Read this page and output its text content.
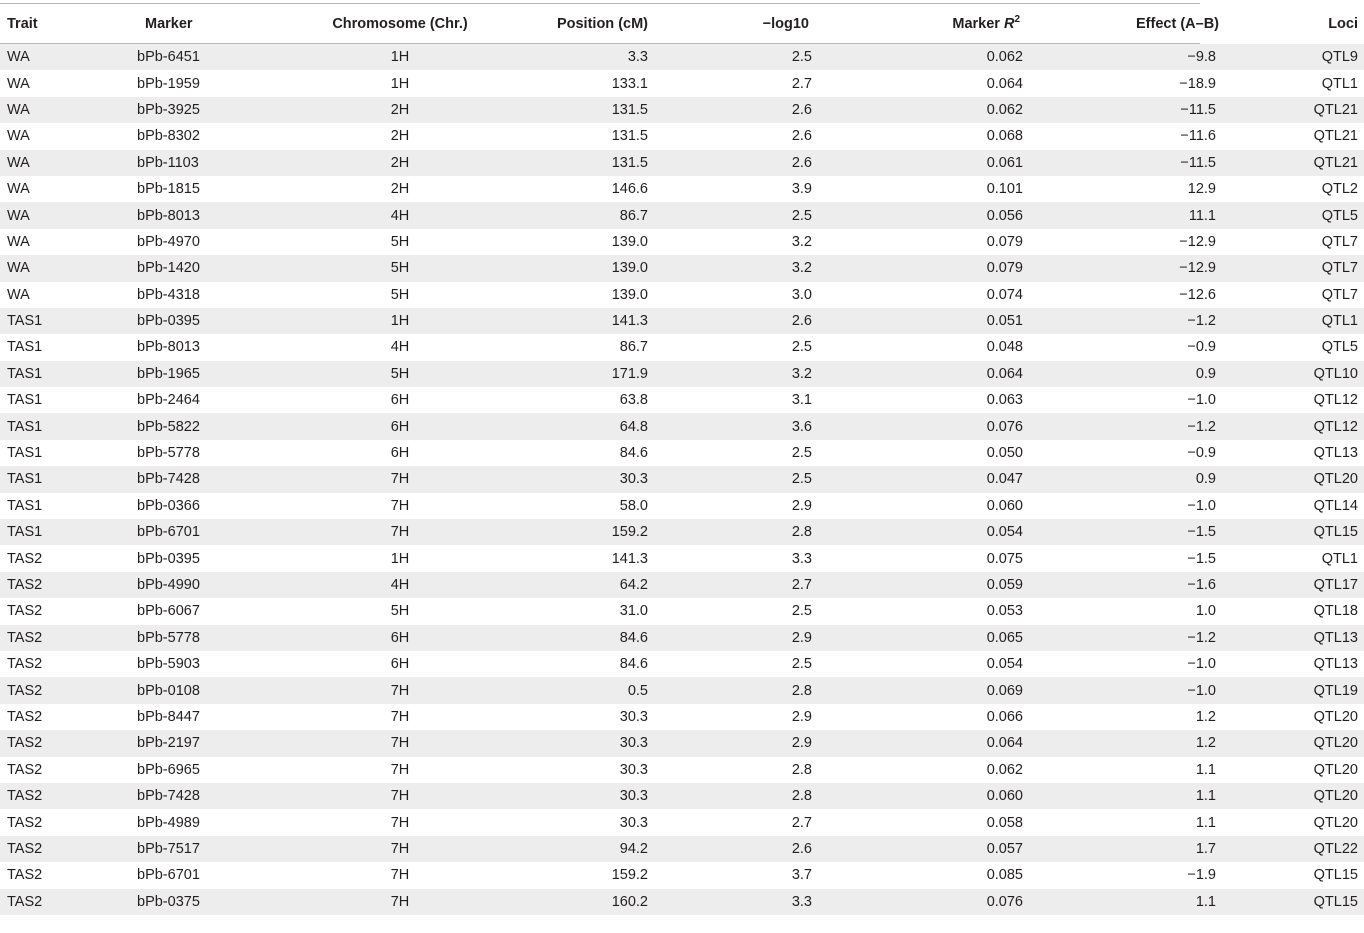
Trait	Marker	Chromosome (Chr.)	Position (cM)	−log10	Marker $R^2$	Effect (A–B)	Loci
WA	bPb-6451	1H	3.3	2.5	0.062	−9.8	QTL9
WA	bPb-1959	1H	133.1	2.7	0.064	−18.9	QTL1
WA	bPb-3925	2H	131.5	2.6	0.062	−11.5	QTL21
WA	bPb-8302	2H	131.5	2.6	0.068	−11.6	QTL21
WA	bPb-1103	2H	131.5	2.6	0.061	−11.5	QTL21
WA	bPb-1815	2H	146.6	3.9	0.101	12.9	QTL2
WA	bPb-8013	4H	86.7	2.5	0.056	11.1	QTL5
WA	bPb-4970	5H	139.0	3.2	0.079	−12.9	QTL7
WA	bPb-1420	5H	139.0	3.2	0.079	−12.9	QTL7
WA	bPb-4318	5H	139.0	3.0	0.074	−12.6	QTL7
TAS1	bPb-0395	1H	141.3	2.6	0.051	−1.2	QTL1
TAS1	bPb-8013	4H	86.7	2.5	0.048	−0.9	QTL5
TAS1	bPb-1965	5H	171.9	3.2	0.064	0.9	QTL10
TAS1	bPb-2464	6H	63.8	3.1	0.063	−1.0	QTL12
TAS1	bPb-5822	6H	64.8	3.6	0.076	−1.2	QTL12
TAS1	bPb-5778	6H	84.6	2.5	0.050	−0.9	QTL13
TAS1	bPb-7428	7H	30.3	2.5	0.047	0.9	QTL20
TAS1	bPb-0366	7H	58.0	2.9	0.060	−1.0	QTL14
TAS1	bPb-6701	7H	159.2	2.8	0.054	−1.5	QTL15
TAS2	bPb-0395	1H	141.3	3.3	0.075	−1.5	QTL1
TAS2	bPb-4990	4H	64.2	2.7	0.059	−1.6	QTL17
TAS2	bPb-6067	5H	31.0	2.5	0.053	1.0	QTL18
TAS2	bPb-5778	6H	84.6	2.9	0.065	−1.2	QTL13
TAS2	bPb-5903	6H	84.6	2.5	0.054	−1.0	QTL13
TAS2	bPb-0108	7H	0.5	2.8	0.069	−1.0	QTL19
TAS2	bPb-8447	7H	30.3	2.9	0.066	1.2	QTL20
TAS2	bPb-2197	7H	30.3	2.9	0.064	1.2	QTL20
TAS2	bPb-6965	7H	30.3	2.8	0.062	1.1	QTL20
TAS2	bPb-7428	7H	30.3	2.8	0.060	1.1	QTL20
TAS2	bPb-4989	7H	30.3	2.7	0.058	1.1	QTL20
TAS2	bPb-7517	7H	94.2	2.6	0.057	1.7	QTL22
TAS2	bPb-6701	7H	159.2	3.7	0.085	−1.9	QTL15
TAS2	bPb-0375	7H	160.2	3.3	0.076	1.1	QTL15
